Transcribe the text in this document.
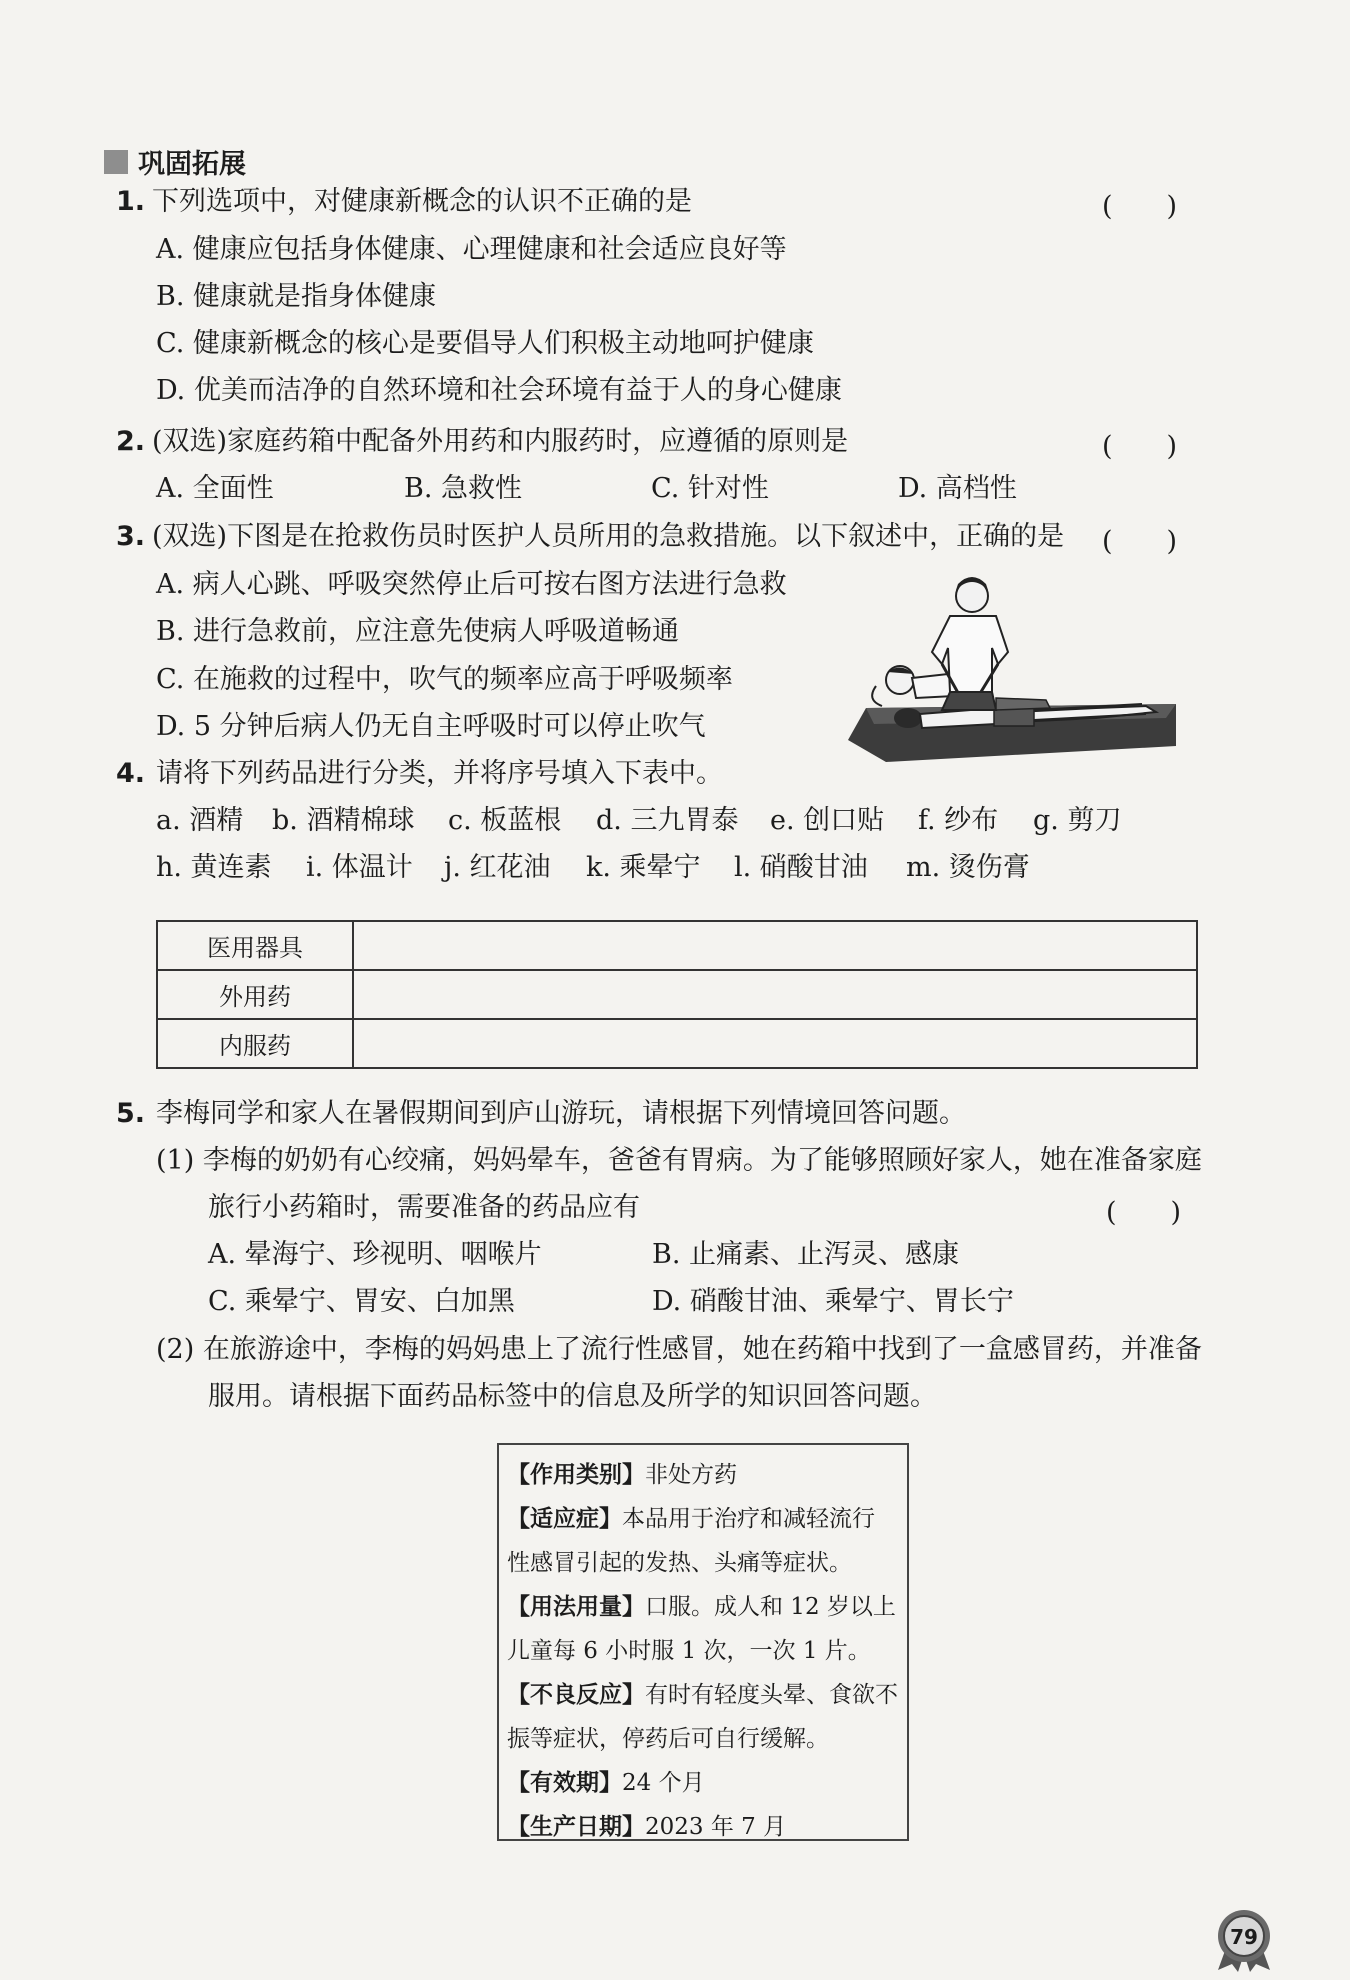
巩固拓展
1. 下列选项中，对健康新概念的认识不正确的是	(　　)
A. 健康应包括身体健康、心理健康和社会适应良好等
B. 健康就是指身体健康
C. 健康新概念的核心是要倡导人们积极主动地呵护健康
D. 优美而洁净的自然环境和社会环境有益于人的身心健康
2. (双选)家庭药箱中配备外用药和内服药时，应遵循的原则是	(　　)
A. 全面性	B. 急救性	C. 针对性	D. 高档性
3. (双选)下图是在抢救伤员时医护人员所用的急救措施。以下叙述中，正确的是 (　　)
A. 病人心跳、呼吸突然停止后可按右图方法进行急救
B. 进行急救前，应注意先使病人呼吸道畅通
C. 在施救的过程中，吹气的频率应高于呼吸频率
D. 5 分钟后病人仍无自主呼吸时可以停止吹气
4. 请将下列药品进行分类，并将序号填入下表中。
a. 酒精 b. 酒精棉球 c. 板蓝根 d. 三九胃泰 e. 创口贴 f. 纱布 g. 剪刀
h. 黄连素 i. 体温计 j. 红花油 k. 乘晕宁 l. 硝酸甘油 m. 烫伤膏
医用器具	
外用药	
内服药	
5. 李梅同学和家人在暑假期间到庐山游玩，请根据下列情境回答问题。
(1) 李梅的奶奶有心绞痛，妈妈晕车，爸爸有胃病。为了能够照顾好家人，她在准备家庭
旅行小药箱时，需要准备的药品应有	(　　)
A. 晕海宁、珍视明、咽喉片	B. 止痛素、止泻灵、感康
C. 乘晕宁、胃安、白加黑	D. 硝酸甘油、乘晕宁、胃长宁
(2) 在旅游途中，李梅的妈妈患上了流行性感冒，她在药箱中找到了一盒感冒药，并准备
服用。请根据下面药品标签中的信息及所学的知识回答问题。
【作用类别】非处方药
【适应症】本品用于治疗和减轻流行
性感冒引起的发热、头痛等症状。
【用法用量】口服。成人和 12 岁以上
儿童每 6 小时服 1 次，一次 1 片。
【不良反应】有时有轻度头晕、食欲不
振等症状，停药后可自行缓解。
【有效期】24 个月
【生产日期】2023 年 7 月
79
